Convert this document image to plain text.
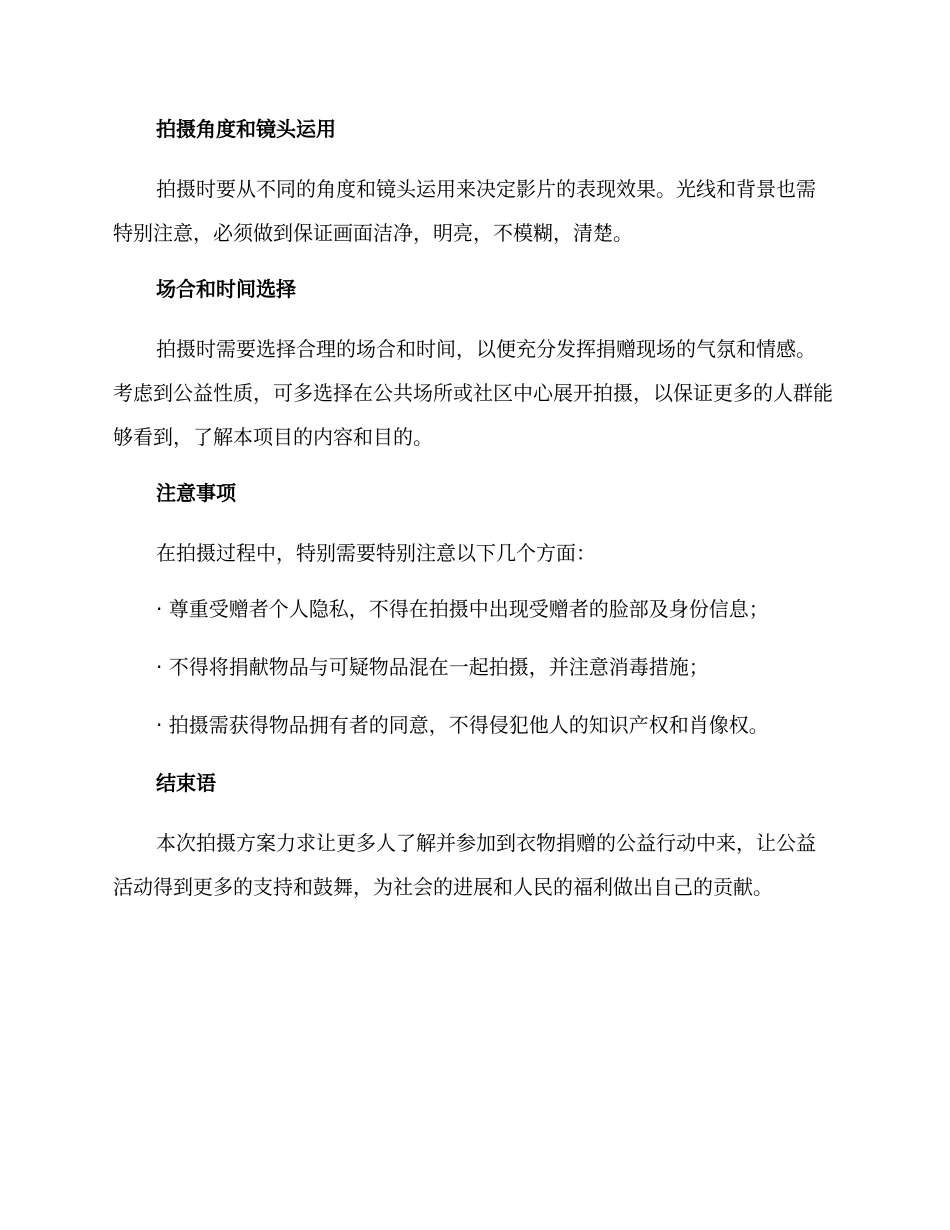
拍摄角度和镜头运用

拍摄时要从不同的角度和镜头运用来决定影片的表现效果。光线和背景也需特别注意，必须做到保证画面洁净，明亮，不模糊，清楚。

场合和时间选择

拍摄时需要选择合理的场合和时间，以便充分发挥捐赠现场的气氛和情感。考虑到公益性质，可多选择在公共场所或社区中心展开拍摄，以保证更多的人群能够看到，了解本项目的内容和目的。

注意事项

在拍摄过程中，特别需要特别注意以下几个方面：

· 尊重受赠者个人隐私，不得在拍摄中出现受赠者的脸部及身份信息；
· 不得将捐献物品与可疑物品混在一起拍摄，并注意消毒措施；
· 拍摄需获得物品拥有者的同意，不得侵犯他人的知识产权和肖像权。
结束语

本次拍摄方案力求让更多人了解并参加到衣物捐赠的公益行动中来，让公益活动得到更多的支持和鼓舞，为社会的进展和人民的福利做出自己的贡献。
